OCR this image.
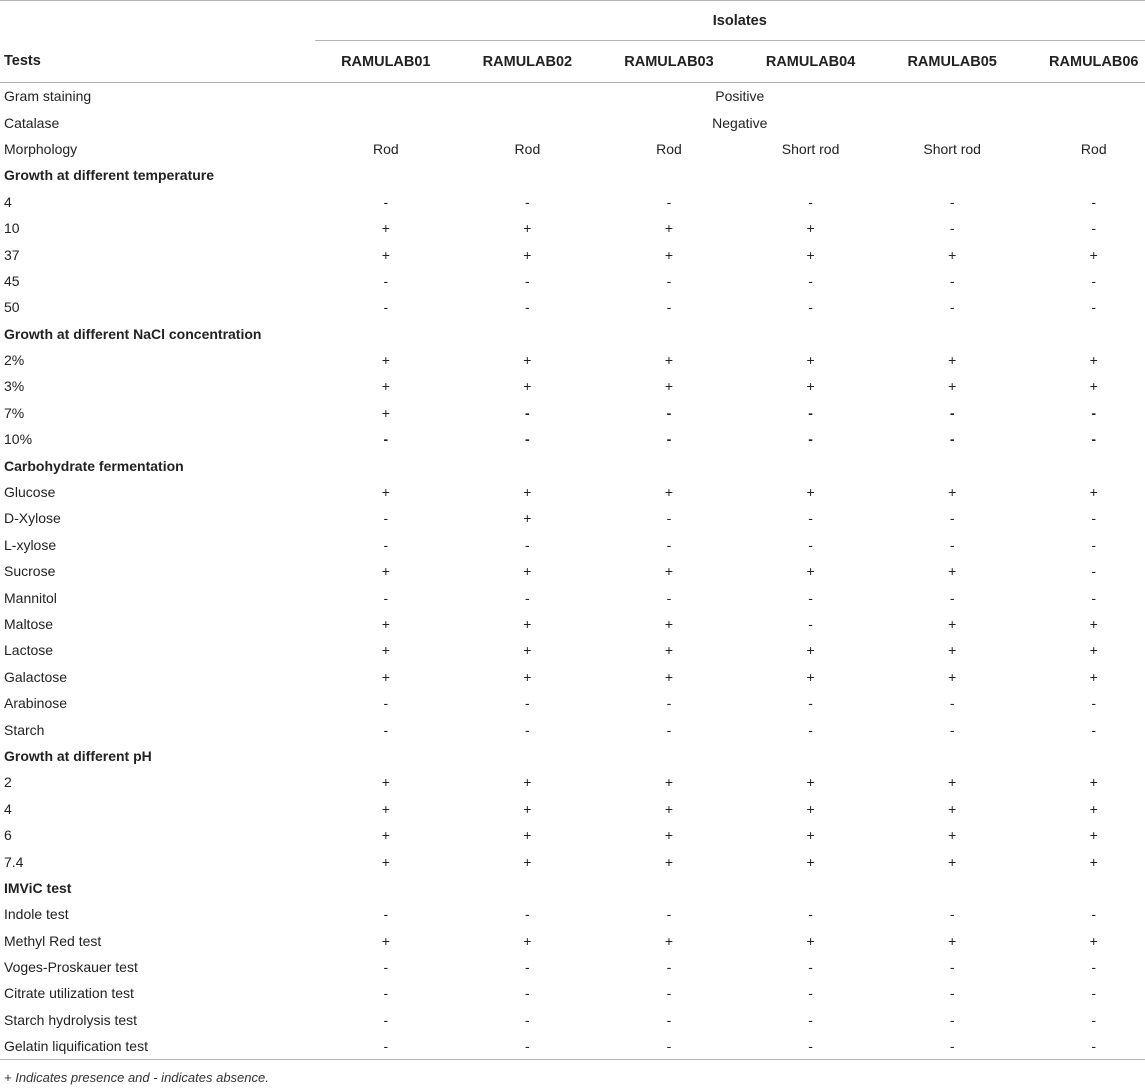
	Isolates					
Tests	RAMULAB01	RAMULAB02	RAMULAB03	RAMULAB04	RAMULAB05	RAMULAB06
Gram staining	Positive					
Catalase	Negative					
Morphology	Rod	Rod	Rod	Short rod	Short rod	Rod
Growth at different temperature						
4	-	-	-	-	-	-
10	+	+	+	+	-	-
37	+	+	+	+	+	+
45	-	-	-	-	-	-
50	-	-	-	-	-	-
Growth at different NaCl concentration						
2%	+	+	+	+	+	+
3%	+	+	+	+	+	+
7%	+	-	-	-	-	-
10%	-	-	-	-	-	-
Carbohydrate fermentation						
Glucose	+	+	+	+	+	+
D-Xylose	-	+	-	-	-	-
L-xylose	-	-	-	-	-	-
Sucrose	+	+	+	+	+	-
Mannitol	-	-	-	-	-	-
Maltose	+	+	+	-	+	+
Lactose	+	+	+	+	+	+
Galactose	+	+	+	+	+	+
Arabinose	-	-	-	-	-	-
Starch	-	-	-	-	-	-
Growth at different pH						
2	+	+	+	+	+	+
4	+	+	+	+	+	+
6	+	+	+	+	+	+
7.4	+	+	+	+	+	+
IMViC test						
Indole test	-	-	-	-	-	-
Methyl Red test	+	+	+	+	+	+
Voges-Proskauer test	-	-	-	-	-	-
Citrate utilization test	-	-	-	-	-	-
Starch hydrolysis test	-	-	-	-	-	-
Gelatin liquification test	-	-	-	-	-	-
+ Indicates presence and - indicates absence.
